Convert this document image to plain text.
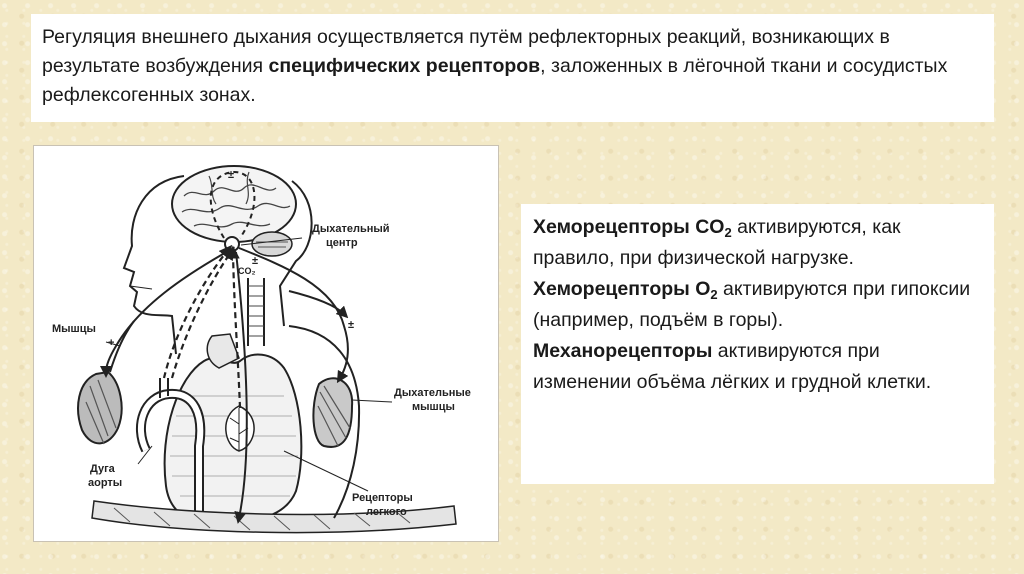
Регуляция внешнего дыхания осуществляется путём рефлекторных реакций, возникающих в результате возбуждения специфических рецепторов, заложенных в лёгочной ткани и сосудистых рефлексогенных зонах.
Дыхательный
центр
CO₂
Мышцы
Дыхательные
мышцы
Дуга
аорты
Рецепторы
легкого
±
+
±
±

Хеморецепторы $CO_2$ активируются, как правило, при физической нагрузке.

Хеморецепторы $O_2$ активируются при гипоксии (например, подъём в горы).

Механорецепторы активируются при изменении объёма лёгких и грудной клетки.
